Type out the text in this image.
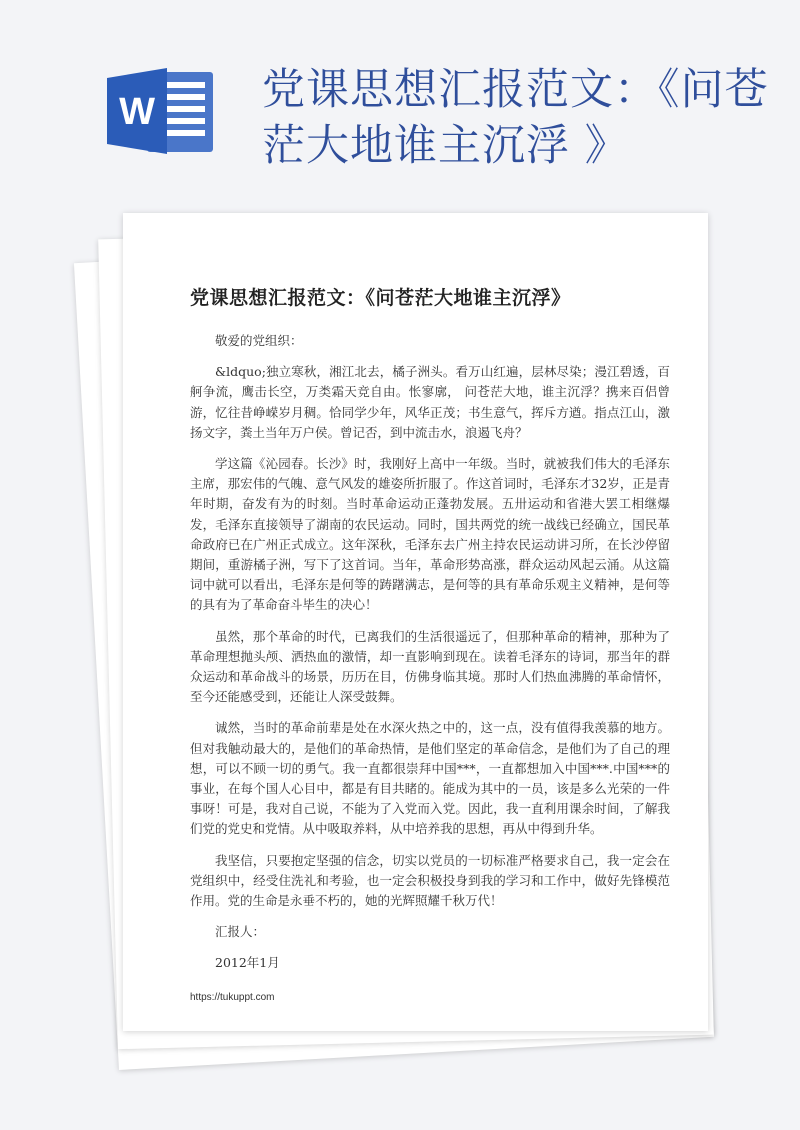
W 党课思想汇报范文：《问苍茫大地谁主沉浮 》
党课思想汇报范文：《问苍茫大地谁主沉浮》

敬爱的党组织：

&ldquo;独立寒秋，湘江北去，橘子洲头。看万山红遍，层林尽染；漫江碧透，百舸争流，鹰击长空，万类霜天竞自由。怅寥廓， 问苍茫大地，谁主沉浮？携来百侣曾游，忆往昔峥嵘岁月稠。恰同学少年，风华正茂；书生意气，挥斥方遒。指点江山，激扬文字，粪土当年万户侯。曾记否，到中流击水，浪遏飞舟？

学这篇《沁园春。长沙》时，我刚好上高中一年级。当时，就被我们伟大的毛泽东主席，那宏伟的气魄、意气风发的雄姿所折服了。作这首词时，毛泽东才32岁，正是青年时期，奋发有为的时刻。当时革命运动正蓬勃发展。五卅运动和省港大罢工相继爆发，毛泽东直接领导了湖南的农民运动。同时，国共两党的统一战线已经确立，国民革命政府已在广州正式成立。这年深秋，毛泽东去广州主持农民运动讲习所，在长沙停留期间，重游橘子洲，写下了这首词。当年，革命形势高涨，群众运动风起云涌。从这篇词中就可以看出，毛泽东是何等的踌躇满志，是何等的具有革命乐观主义精神，是何等的具有为了革命奋斗毕生的决心！

虽然，那个革命的时代，已离我们的生活很遥远了，但那种革命的精神，那种为了革命理想抛头颅、洒热血的激情，却一直影响到现在。读着毛泽东的诗词，那当年的群众运动和革命战斗的场景，历历在目，仿佛身临其境。那时人们热血沸腾的革命情怀，至今还能感受到，还能让人深受鼓舞。

诚然，当时的革命前辈是处在水深火热之中的，这一点，没有值得我羡慕的地方。但对我触动最大的，是他们的革命热情，是他们坚定的革命信念，是他们为了自己的理想，可以不顾一切的勇气。我一直都很崇拜中国***，一直都想加入中国***.中国***的事业，在每个国人心目中，都是有目共睹的。能成为其中的一员，该是多么光荣的一件事呀！可是，我对自己说，不能为了入党而入党。因此，我一直利用课余时间，了解我们党的党史和党情。从中吸取养料，从中培养我的思想，再从中得到升华。

我坚信，只要抱定坚强的信念，切实以党员的一切标准严格要求自己，我一定会在党组织中，经受住洗礼和考验，也一定会积极投身到我的学习和工作中，做好先锋模范作用。党的生命是永垂不朽的，她的光辉照耀千秋万代！

汇报人：

2012年1月

https://tukuppt.com
